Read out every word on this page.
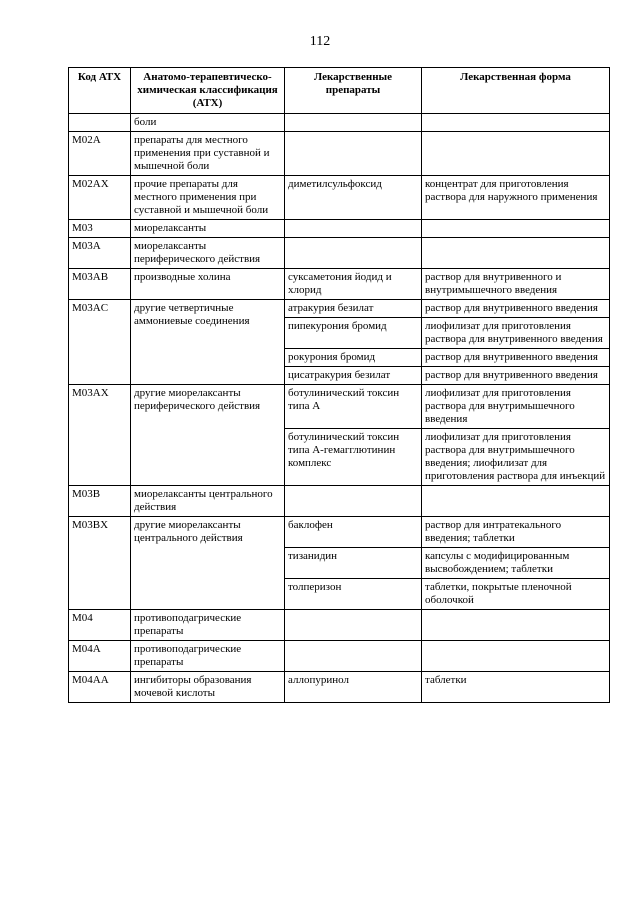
112
Код АТХ	Анатомо-терапевтическо-химическая классификация (АТХ)	Лекарственные препараты	Лекарственная форма
	боли		
M02A	препараты для местного применения при суставной и мышечной боли		
M02AX	прочие препараты для местного применения при суставной и мышечной боли	диметилсульфоксид	концентрат для приготовления раствора для наружного применения
M03	миорелаксанты		
M03A	миорелаксанты периферического действия		
M03AB	производные холина	суксаметония йодид и хлорид	раствор для внутривенного и внутримышечного введения
M03AC	другие четвертичные аммониевые соединения	атракурия безилат	раствор для внутривенного введения
		пипекурония бромид	лиофилизат для приготовления раствора для внутривенного введения
		рокурония бромид	раствор для внутривенного введения
		цисатракурия безилат	раствор для внутривенного введения
M03AX	другие миорелаксанты периферического действия	ботулинический токсин типа А	лиофилизат для приготовления раствора для внутримышечного введения
		ботулинический токсин типа А-гемагглютинин комплекс	лиофилизат для приготовления раствора для внутримышечного введения; лиофилизат для приготовления раствора для инъекций
M03B	миорелаксанты центрального действия		
M03BX	другие миорелаксанты центрального действия	баклофен	раствор для интратекального введения; таблетки
		тизанидин	капсулы с модифицированным высвобождением; таблетки
		толперизон	таблетки, покрытые пленочной оболочкой
M04	противоподагрические препараты		
M04A	противоподагрические препараты		
M04AA	ингибиторы образования мочевой кислоты	аллопуринол	таблетки
